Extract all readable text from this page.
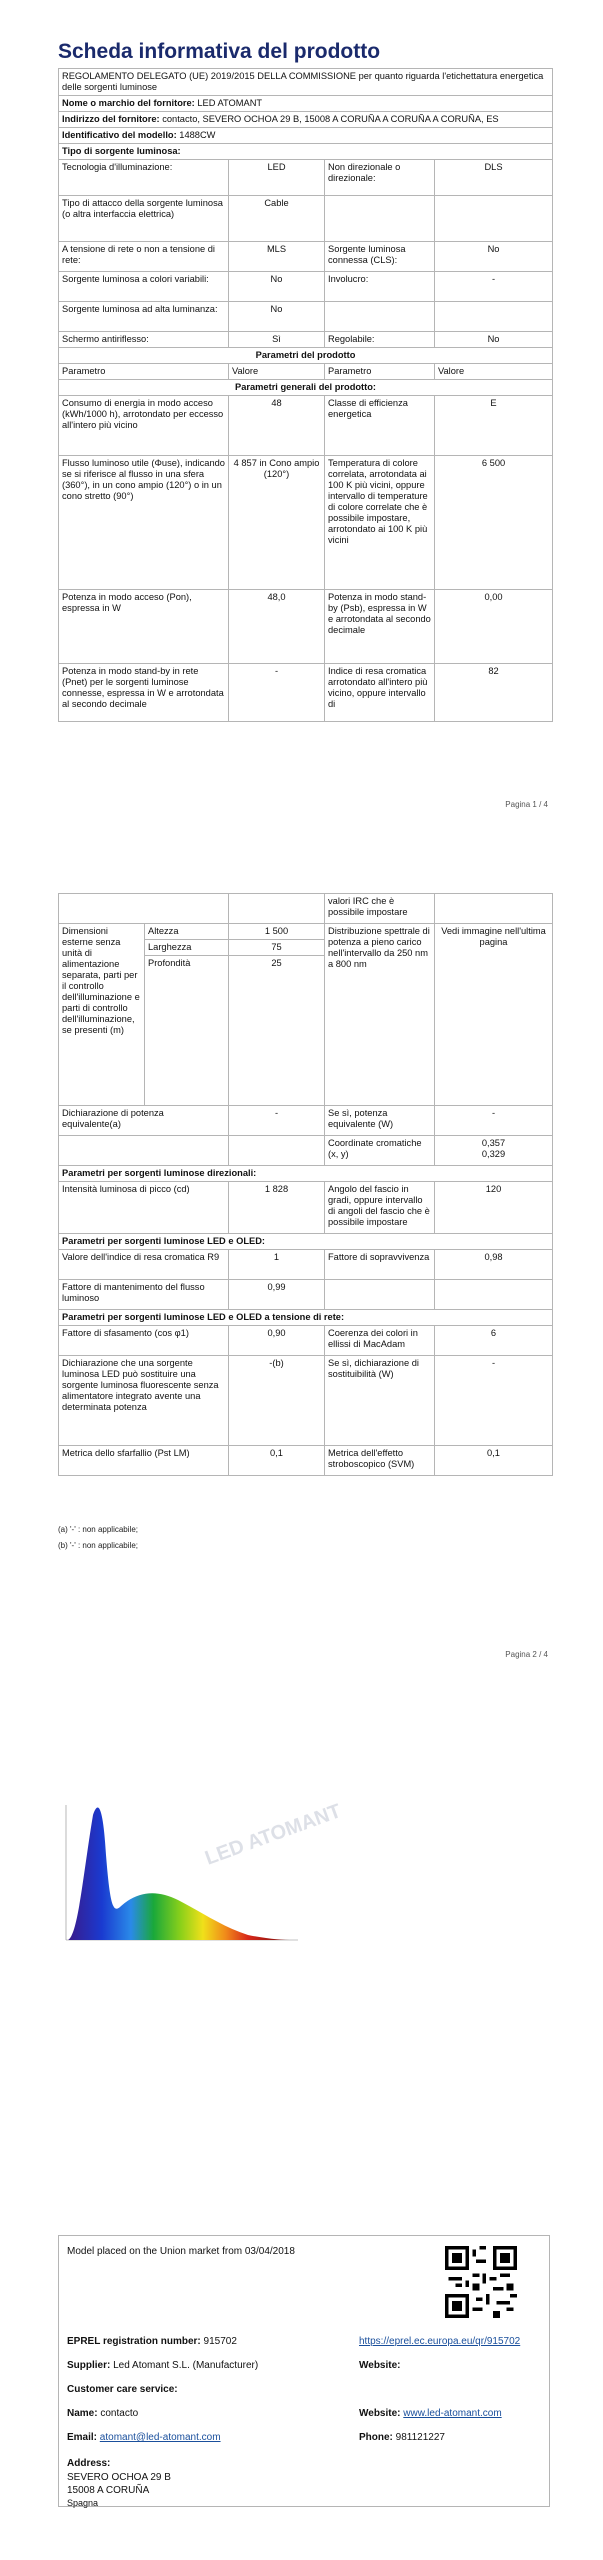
Scheda informativa del prodotto
REGOLAMENTO DELEGATO (UE) 2019/2015 DELLA COMMISSIONE per quanto riguarda l'etichettatura energetica delle sorgenti luminose			
Nome o marchio del fornitore: LED ATOMANT			
Indirizzo del fornitore: contacto, SEVERO OCHOA 29 B, 15008 A CORUÑA A CORUÑA A CORUÑA, ES			
Identificativo del modello: 1488CW			
Tipo di sorgente luminosa:			
Tecnologia d'illuminazione:	LED	Non direzionale o direzionale:	DLS
Tipo di attacco della sorgente luminosa (o altra interfaccia elettrica)	Cable		
A tensione di rete o non a tensione di rete:	MLS	Sorgente luminosa connessa (CLS):	No
Sorgente luminosa a colori variabili:	No	Involucro:	-
Sorgente luminosa ad alta luminanza:	No		
Schermo antiriflesso:	Sì	Regolabile:	No
Parametri del prodotto			
Parametro	Valore	Parametro	Valore
Parametri generali del prodotto:			
Consumo di energia in modo acceso (kWh/1000 h), arrotondato per eccesso all'intero più vicino	48	Classe di efficienza energetica	E
Flusso luminoso utile (Φuse), indicando se si riferisce al flusso in una sfera (360°), in un cono ampio (120°) o in un cono stretto (90°)	4 857 in Cono ampio (120°)	Temperatura di colore correlata, arrotondata ai 100 K più vicini, oppure intervallo di temperature di colore correlate che è possibile impostare, arrotondato ai 100 K più vicini	6 500
Potenza in modo acceso (Pon), espressa in W	48,0	Potenza in modo stand-by (Psb), espressa in W e arrotondata al secondo decimale	0,00
Potenza in modo stand-by in rete (Pnet) per le sorgenti luminose connesse, espressa in W e arrotondata al secondo decimale	-	Indice di resa cromatica arrotondato all'intero più vicino, oppure intervallo di	82
Pagina 1 / 4
			valori IRC che è possibile impostare	
Dimensioni esterne senza unità di alimentazione separata, parti per il controllo dell'illuminazione e parti di controllo dell'illuminazione, se presenti (m)	Altezza	1 500	Distribuzione spettrale di potenza a pieno carico nell'intervallo da 250 nm a 800 nm	Vedi immagine nell'ultima pagina
	Larghezza	75		
	Profondità	25		
Dichiarazione di potenza equivalente(a)		-	Se sì, potenza equivalente (W)	-
			Coordinate cromatiche (x, y)	0,357
0,329
Parametri per sorgenti luminose direzionali:				
Intensità luminosa di picco (cd)		1 828	Angolo del fascio in gradi, oppure intervallo di angoli del fascio che è possibile impostare	120
Parametri per sorgenti luminose LED e OLED:				
Valore dell'indice di resa cromatica R9		1	Fattore di sopravvivenza	0,98
Fattore di mantenimento del flusso luminoso		0,99		
Parametri per sorgenti luminose LED e OLED a tensione di rete:				
Fattore di sfasamento (cos φ1)		0,90	Coerenza dei colori in ellissi di MacAdam	6
Dichiarazione che una sorgente luminosa LED può sostituire una sorgente luminosa fluorescente senza alimentatore integrato avente una determinata potenza		-(b)	Se sì, dichiarazione di sostituibilità (W)	-
Metrica dello sfarfallio (Pst LM)		0,1	Metrica dell'effetto stroboscopico (SVM)	0,1
(a) '-' : non applicabile;
(b) '-' : non applicabile;
Pagina 2 / 4
LED ATOMANT
Model placed on the Union market from 03/04/2018
EPREL registration number: 915702	https://eprel.ec.europa.eu/qr/915702
Supplier: Led Atomant S.L. (Manufacturer)	Website:
Customer care service:
Name: contacto	Website: www.led-atomant.com
Email: atomant@led-atomant.com	Phone: 981121227
Address:
SEVERO OCHOA 29 B
15008 A CORUÑA
Spagna
